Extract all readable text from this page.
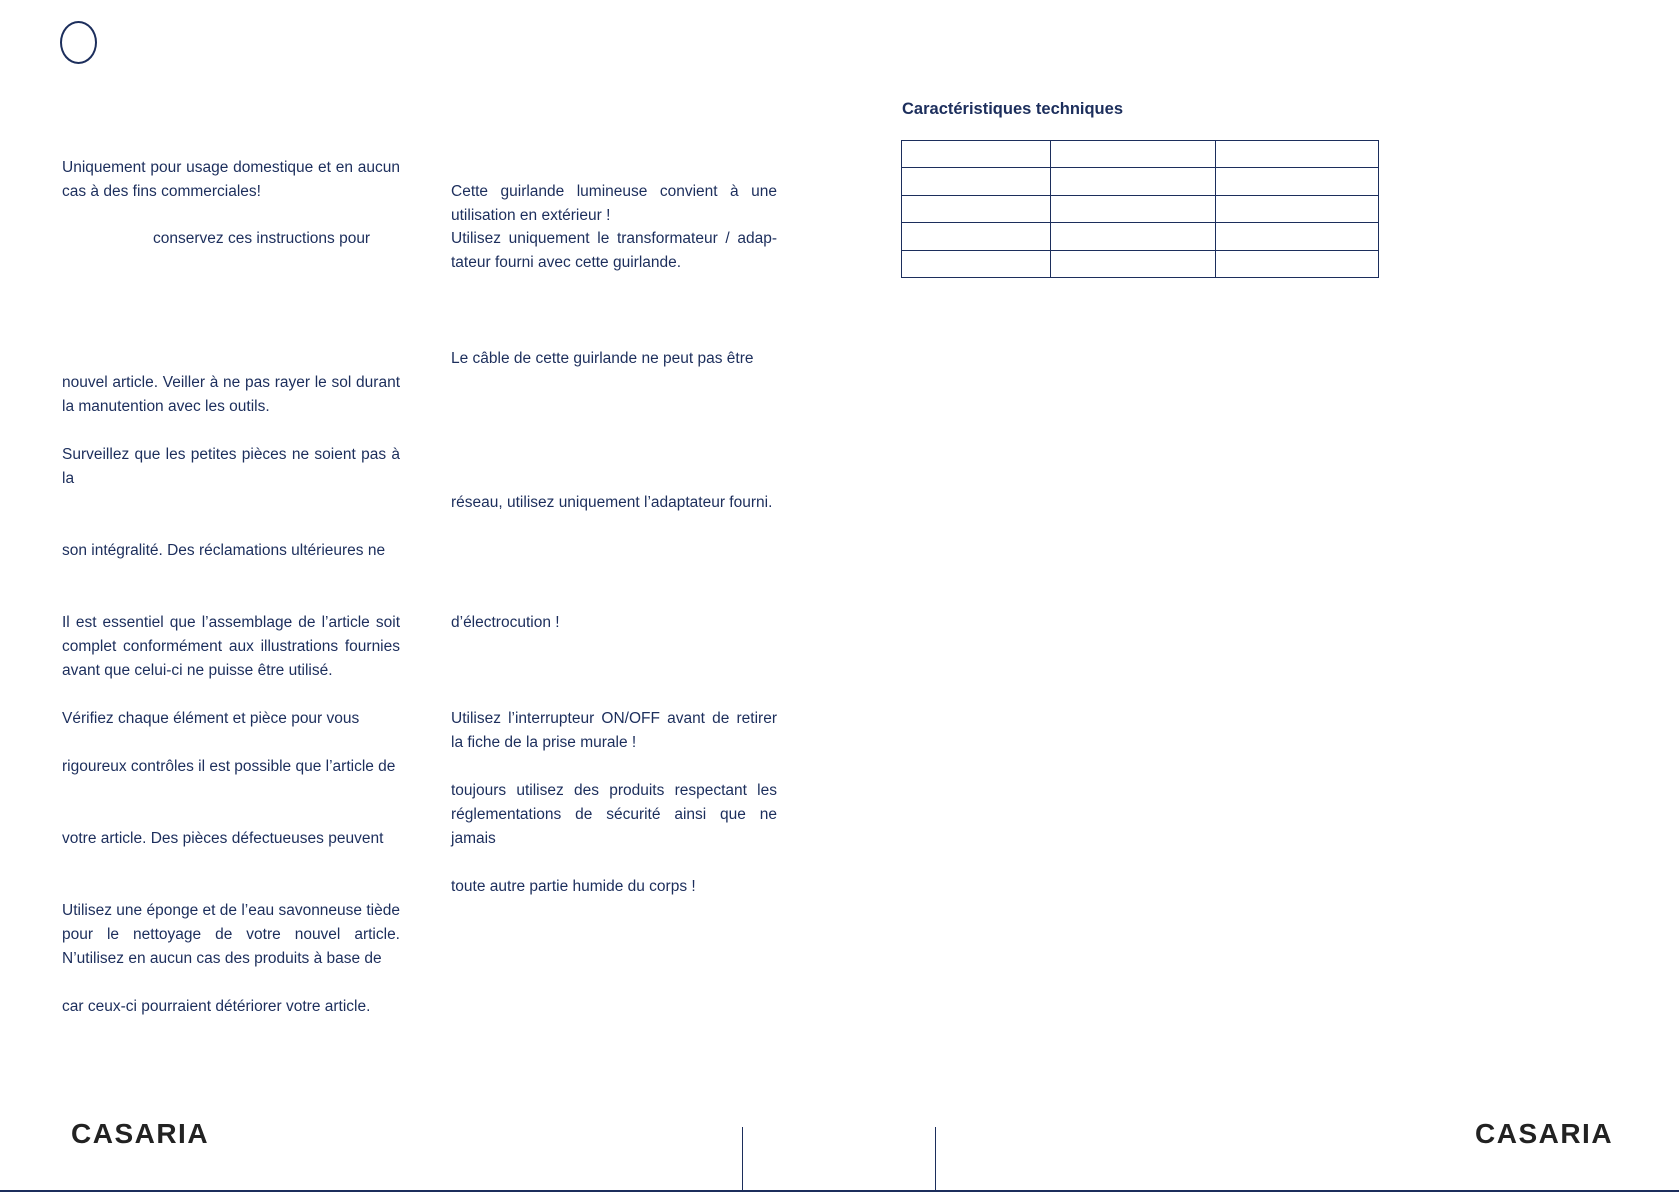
Uniquement pour usage domestique et en aucun cas à des fins commerciales!

conservez ces instructions pour

nouvel article. Veiller à ne pas rayer le sol durant la manutention avec les outils.

Surveillez que les petites pièces ne soient pas à la

son intégralité. Des réclamations ultérieures ne

Il est essentiel que l’assemblage de l’article soit complet conformément aux illustrations fournies avant que celui-ci ne puisse être utilisé.

Vérifiez chaque élément et pièce pour vous

rigoureux contrôles il est possible que l’article de

votre article. Des pièces défectueuses peuvent

Utilisez une éponge et de l’eau savonneuse tiède pour le nettoyage de votre nouvel article. N’utilisez en aucun cas des produits à base de

car ceux-ci pourraient détériorer votre article.

Cette guirlande lumineuse convient à une utilisation en extérieur !

Utilisez uniquement le transformateur / adap-tateur fourni avec cette guirlande.

Le câble de cette guirlande ne peut pas être

réseau, utilisez uniquement l’adaptateur fourni.

d’électrocution !

Utilisez l’interrupteur ON/OFF avant de retirer la fiche de la prise murale !

toujours utilisez des produits respectant les réglementations de sécurité ainsi que ne jamais

toute autre partie humide du corps !

Caractéristiques techniques

CASARIA	CASARIA
